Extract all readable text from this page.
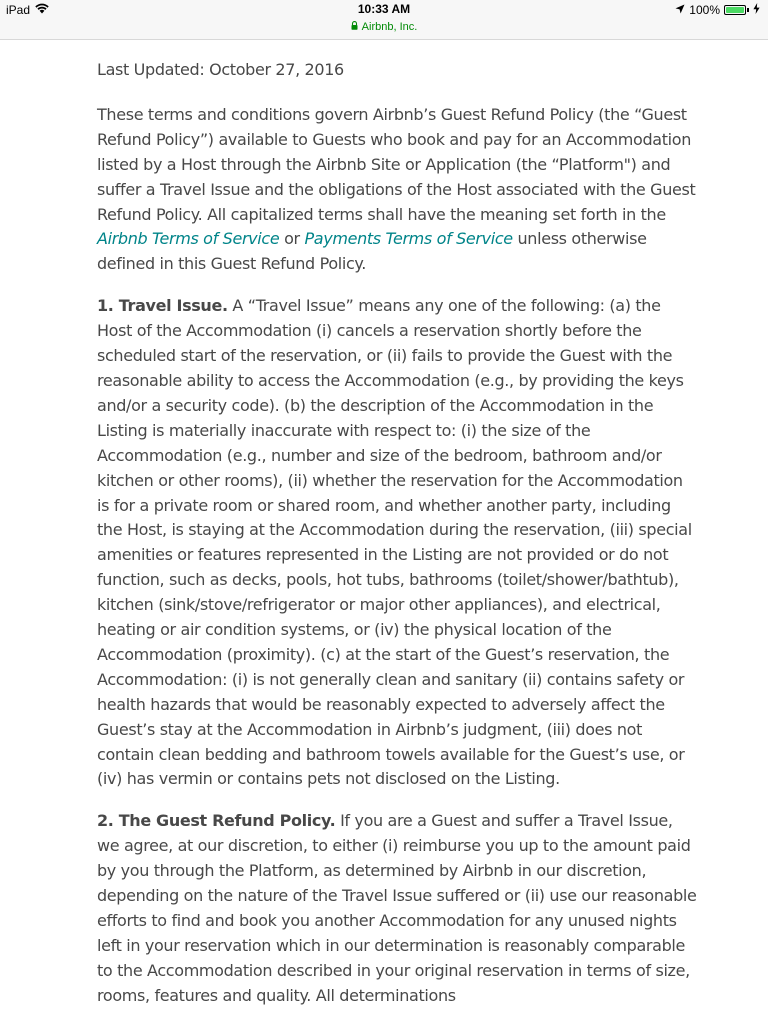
iPad	10:33 AM
Airbnb, Inc.
100%

Last Updated: October 27, 2016

These terms and conditions govern Airbnb’s Guest Refund Policy (the “Guest Refund Policy”) available to Guests who book and pay for an Accommodation listed by a Host through the Airbnb Site or Application (the “Platform") and suffer a Travel Issue and the obligations of the Host associated with the Guest Refund Policy. All capitalized terms shall have the meaning set forth in the Airbnb Terms of Service or Payments Terms of Service unless otherwise defined in this Guest Refund Policy.

1. Travel Issue. A “Travel Issue” means any one of the following: (a) the Host of the Accommodation (i) cancels a reservation shortly before the scheduled start of the reservation, or (ii) fails to provide the Guest with the reasonable ability to access the Accommodation (e.g., by providing the keys and/or a security code). (b) the description of the Accommodation in the Listing is materially inaccurate with respect to: (i) the size of the Accommodation (e.g., number and size of the bedroom, bathroom and/or kitchen or other rooms), (ii) whether the reservation for the Accommodation is for a private room or shared room, and whether another party, including the Host, is staying at the Accommodation during the reservation, (iii) special amenities or features represented in the Listing are not provided or do not function, such as decks, pools, hot tubs, bathrooms (toilet/shower/bathtub), kitchen (sink/stove/refrigerator or major other appliances), and electrical, heating or air condition systems, or (iv) the physical location of the Accommodation (proximity). (c) at the start of the Guest’s reservation, the Accommodation: (i) is not generally clean and sanitary (ii) contains safety or health hazards that would be reasonably expected to adversely affect the Guest’s stay at the Accommodation in Airbnb’s judgment, (iii) does not contain clean bedding and bathroom towels available for the Guest’s use, or (iv) has vermin or contains pets not disclosed on the Listing.

2. The Guest Refund Policy. If you are a Guest and suffer a Travel Issue, we agree, at our discretion, to either (i) reimburse you up to the amount paid by you through the Platform, as determined by Airbnb in our discretion, depending on the nature of the Travel Issue suffered or (ii) use our reasonable efforts to find and book you another Accommodation for any unused nights left in your reservation which in our determination is reasonably comparable to the Accommodation described in your original reservation in terms of size, rooms, features and quality. All determinations
